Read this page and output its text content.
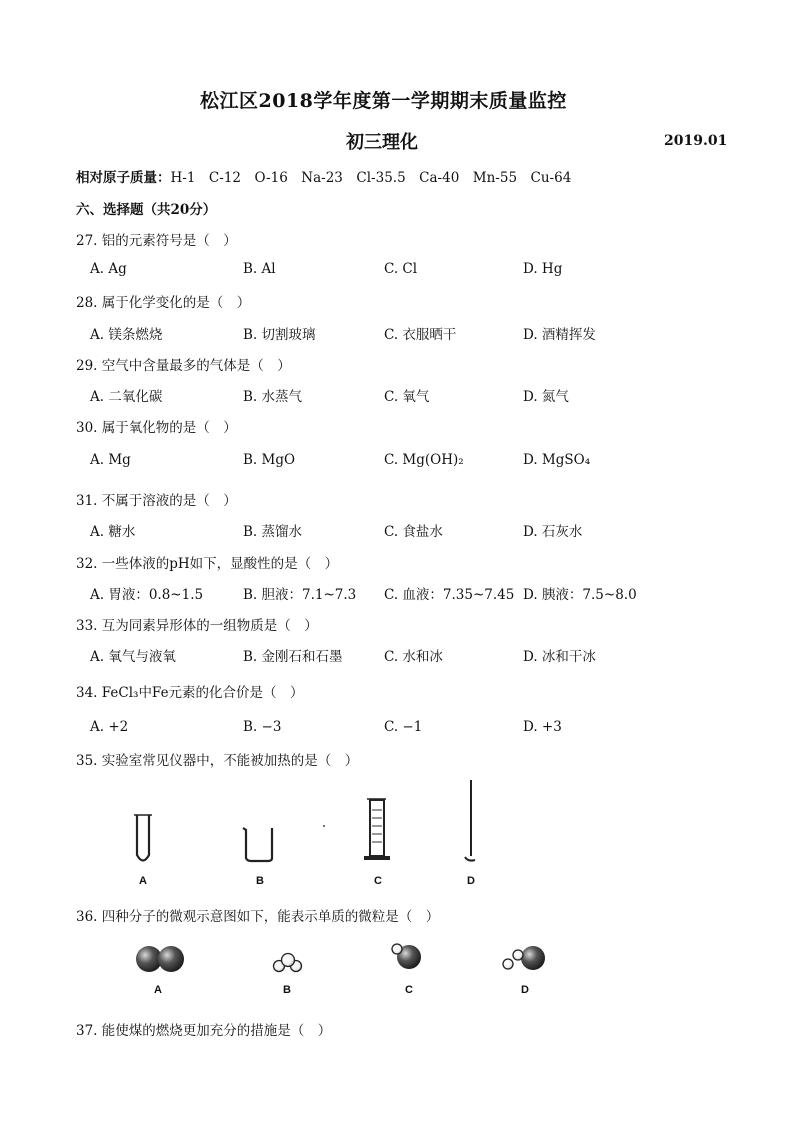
松江区2018学年度第一学期期末质量监控
初三理化	2019.01
相对原子质量：H-1　C-12　O-16　Na-23　Cl-35.5　Ca-40　Mn-55　Cu-64
六、选择题（共20分）
27. 铝的元素符号是（　）
A. Ag	B. Al	C. Cl	D. Hg
28. 属于化学变化的是（　）
A. 镁条燃烧	B. 切割玻璃	C. 衣服晒干	D. 酒精挥发
29. 空气中含量最多的气体是（　）
A. 二氧化碳	B. 水蒸气	C. 氧气	D. 氮气
30. 属于氧化物的是（　）
A. Mg	B. MgO	C. Mg(OH)₂	D. MgSO₄
31. 不属于溶液的是（　）
A. 糖水	B. 蒸馏水	C. 食盐水	D. 石灰水
32. 一些体液的pH如下，显酸性的是（　）
A. 胃液：0.8~1.5	B. 胆液：7.1~7.3 C. 血液：7.35~7.45 D. 胰液：7.5~8.0
33. 互为同素异形体的一组物质是（　）
A. 氧气与液氧	B. 金刚石和石墨	C. 水和冰	D. 冰和干冰
34. FeCl₃中Fe元素的化合价是（　）
A. +2	B. −3	C. −1	D. +3
35. 实验室常见仪器中，不能被加热的是（　）
A	B	C	D
36. 四种分子的微观示意图如下，能表示单质的微粒是（　）
A	B	C	D
37. 能使煤的燃烧更加充分的措施是（　）
